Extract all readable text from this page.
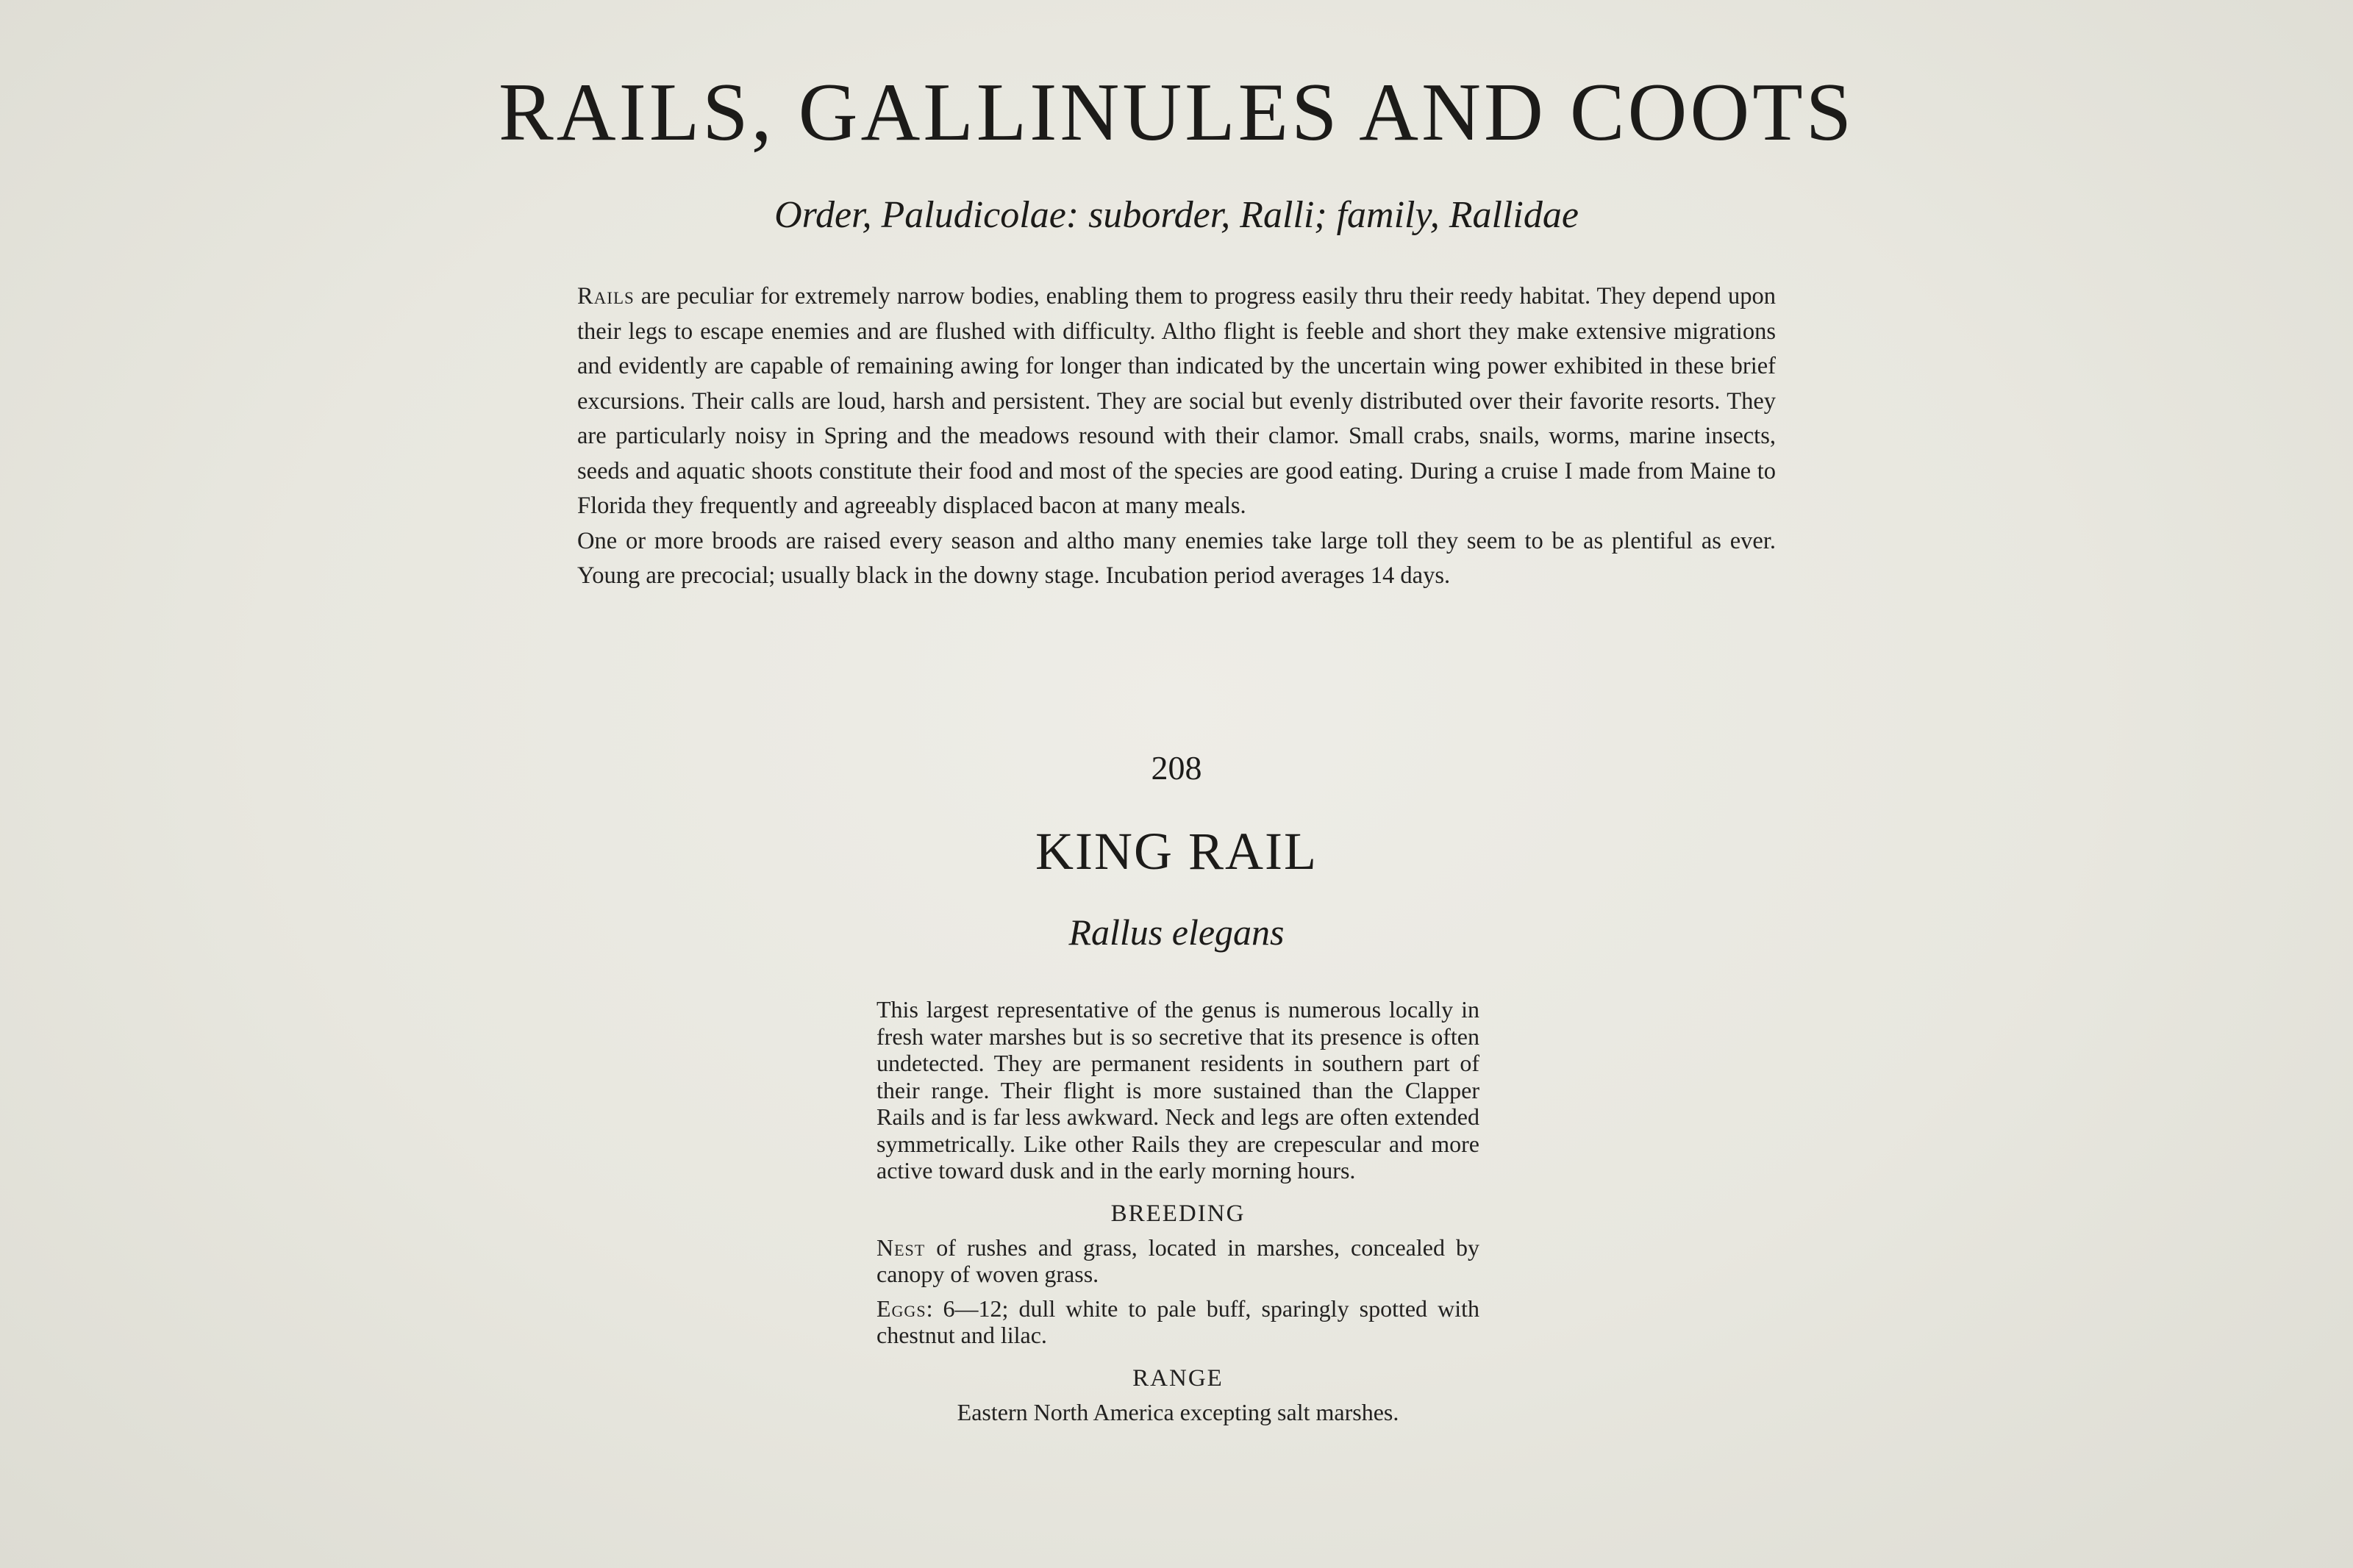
RAILS, GALLINULES AND COOTS

Order, Paludicolae: suborder, Ralli; family, Rallidae

Rails are peculiar for extremely narrow bodies, enabling them to progress easily thru their reedy habitat. They depend upon their legs to escape enemies and are flushed with difficulty. Altho flight is feeble and short they make extensive migrations and evidently are capable of remaining awing for longer than indicated by the uncertain wing power exhibited in these brief excursions. Their calls are loud, harsh and persistent. They are social but evenly distributed over their favorite resorts. They are particularly noisy in Spring and the meadows resound with their clamor. Small crabs, snails, worms, marine insects, seeds and aquatic shoots constitute their food and most of the species are good eating. During a cruise I made from Maine to Florida they frequently and agreeably displaced bacon at many meals.

One or more broods are raised every season and altho many enemies take large toll they seem to be as plentiful as ever. Young are precocial; usually black in the downy stage. Incubation period averages 14 days.

208

KING RAIL

Rallus elegans

This largest representative of the genus is numerous locally in fresh water marshes but is so secretive that its presence is often undetected. They are permanent residents in southern part of their range. Their flight is more sustained than the Clapper Rails and is far less awkward. Neck and legs are often extended symmetrically. Like other Rails they are crepescular and more active toward dusk and in the early morning hours.

BREEDING

Nest of rushes and grass, located in marshes, concealed by canopy of woven grass.

Eggs: 6—12; dull white to pale buff, sparingly spotted with chestnut and lilac.

RANGE

Eastern North America excepting salt marshes.
